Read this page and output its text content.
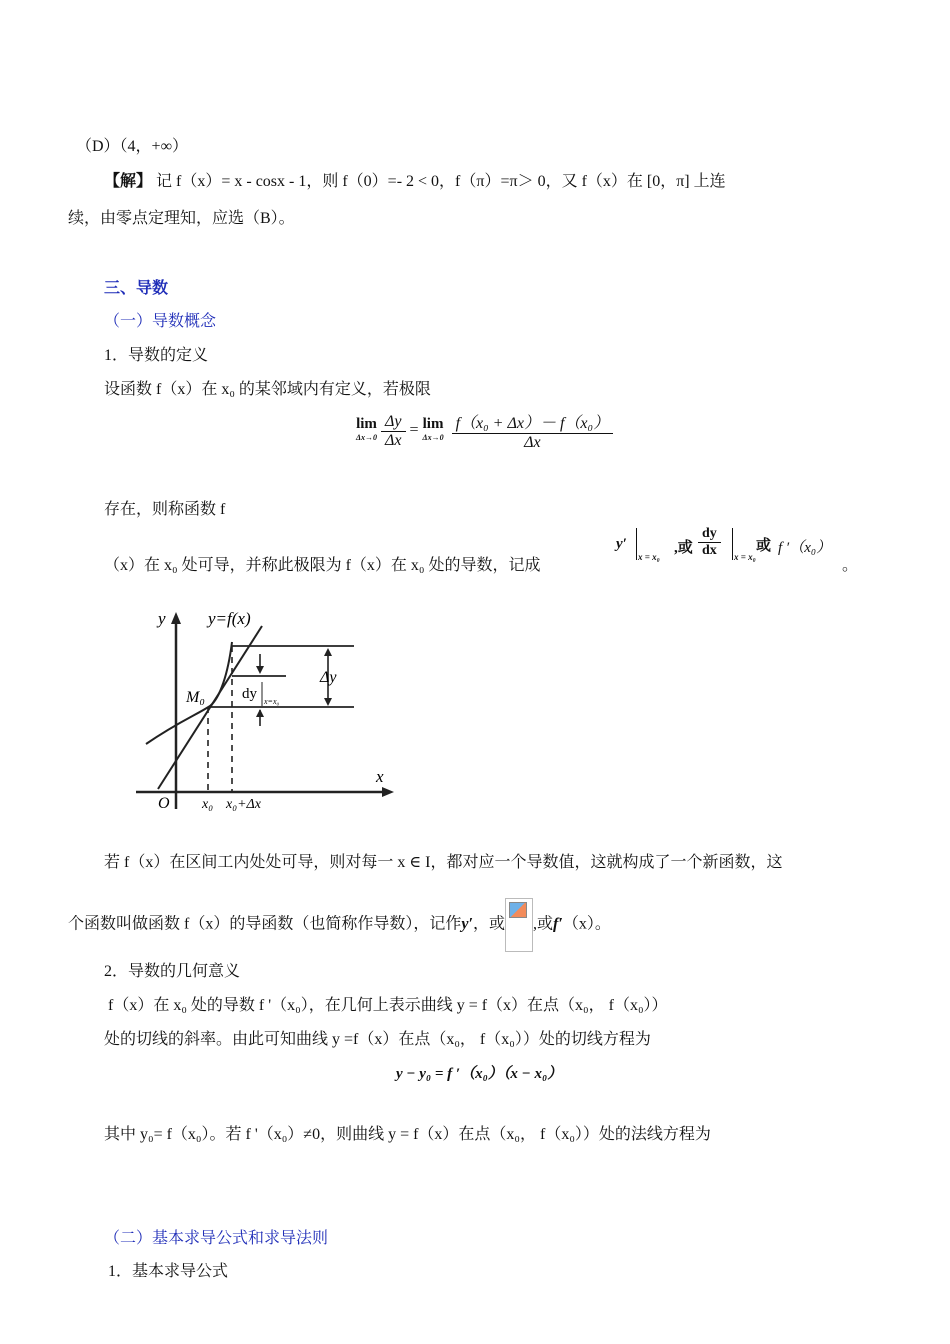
（D）（4，+∞）
【解】 记 f（x）= x - cosx - 1，则 f（0）=- 2 < 0，f（π）=π＞ 0，又 f（x）在 [0，π] 上连
续，由零点定理知，应选（B）。
三、导数
（一）导数概念
1．导数的定义
设函数 f（x）在 x₀ 的某邻域内有定义，若极限
lim
Δx→0
$\frac{\Delta y}{\Delta x} = \lim$
Δx→0
$\frac{\text{f（x₀ + Δx）－ f（x₀）}}{\Delta x}$
存在，则称函数 f
（x）在 x₀ 处可导，并称此极限为 f（x）在 x₀ 处的导数，记成
y′
x = x₀
,或 $\frac{dy}{dx}$ x = x₀
或 f ′（x₀）
。
y
x
y=f(x)
M₀
O
Δy
dy x=x₀
x₀ x₀+Δx
若 f（x）在区间工内处处可导，则对每一 x ∈ I，都对应一个导数值，这就构成了一个新函数，这
个函数叫做函数 f（x）的导函数（也简称作导数），记作y′，或 ,或f′（x）。
2．导数的几何意义
f（x）在 x₀ 处的导数 f '（x₀），在几何上表示曲线 y = f（x）在点（x₀， f（x₀））
处的切线的斜率。由此可知曲线 y =f（x）在点（x₀， f（x₀））处的切线方程为
y − y₀ = f ′（x₀）（x − x₀）
其中 y₀= f（x₀）。若 f '（x₀）≠0，则曲线 y = f（x）在点（x₀， f（x₀））处的法线方程为
（二）基本求导公式和求导法则
1．基本求导公式
